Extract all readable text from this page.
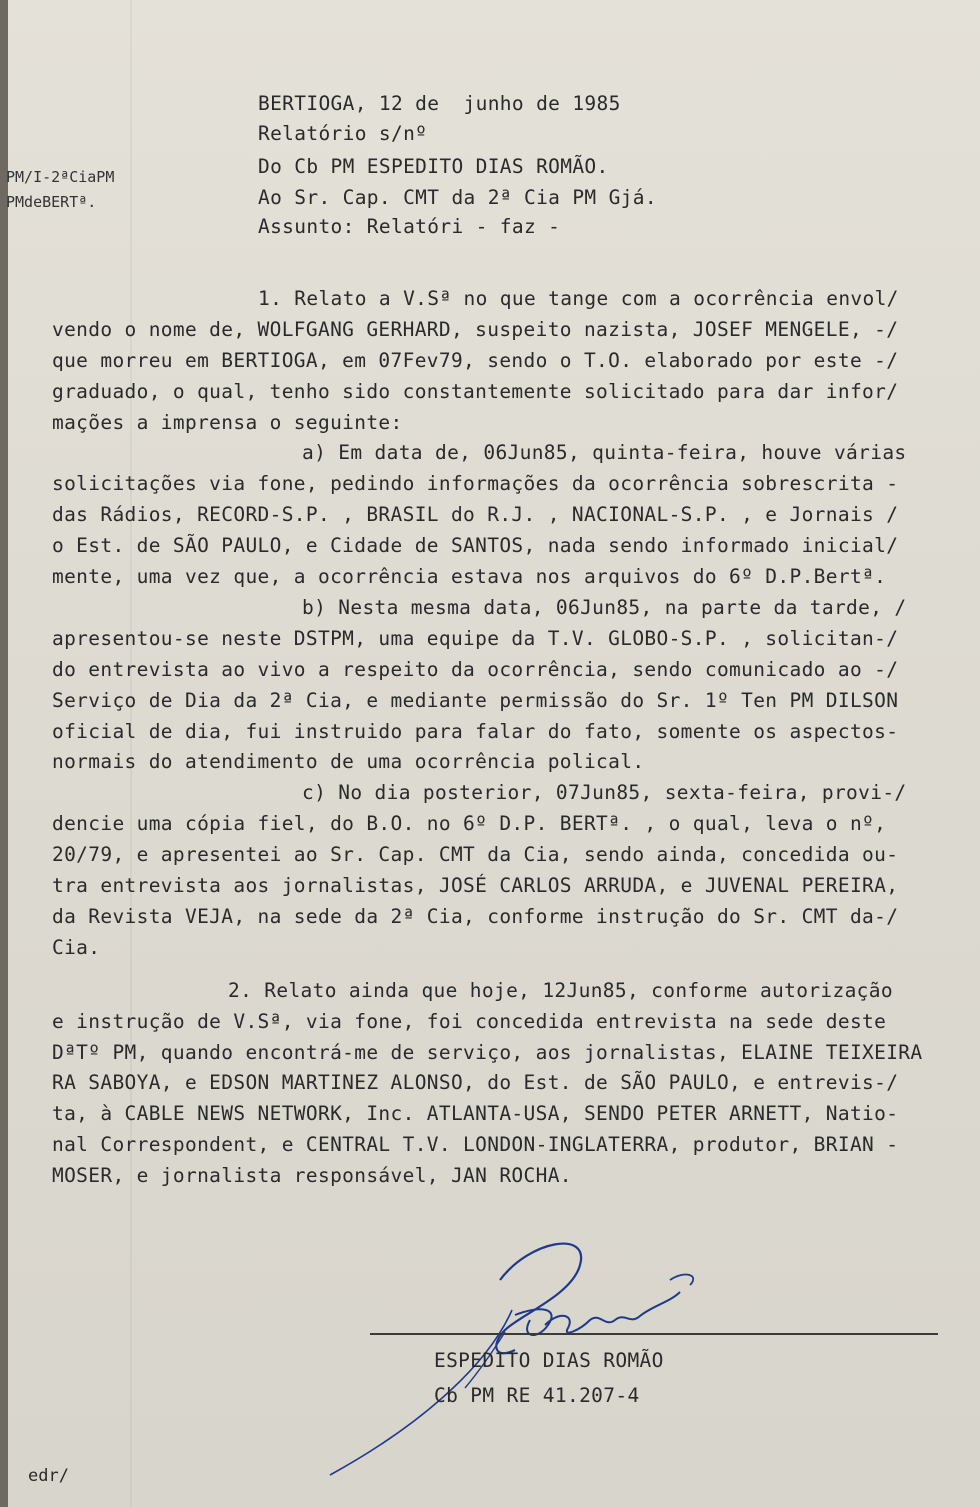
PM/I-2ªCiaPM
PMdeBERTª.
BERTIOGA, 12 de  junho de 1985
Relatório s/nº
Do Cb PM ESPEDITO DIAS ROMÃO.
Ao Sr. Cap. CMT da 2ª Cia PM Gjá.
Assunto: Relatóri - faz -
1. Relato a V.Sª no que tange com a ocorrência envol/
vendo o nome de, WOLFGANG GERHARD, suspeito nazista, JOSEF MENGELE, -/
que morreu em BERTIOGA, em 07Fev79, sendo o T.O. elaborado por este -/
graduado, o qual, tenho sido constantemente solicitado para dar infor/
mações a imprensa o seguinte:
a) Em data de, 06Jun85, quinta-feira, houve várias
solicitações via fone, pedindo informações da ocorrência sobrescrita -
das Rádios, RECORD-S.P. , BRASIL do R.J. , NACIONAL-S.P. , e Jornais /
o Est. de SÃO PAULO, e Cidade de SANTOS, nada sendo informado inicial/
mente, uma vez que, a ocorrência estava nos arquivos do 6º D.P.Bertª.
b) Nesta mesma data, 06Jun85, na parte da tarde, /
apresentou-se neste DSTPM, uma equipe da T.V. GLOBO-S.P. , solicitan-/
do entrevista ao vivo a respeito da ocorrência, sendo comunicado ao -/
Serviço de Dia da 2ª Cia, e mediante permissão do Sr. 1º Ten PM DILSON
oficial de dia, fui instruido para falar do fato, somente os aspectos-
normais do atendimento de uma ocorrência polical.
c) No dia posterior, 07Jun85, sexta-feira, provi-/
dencie uma cópia fiel, do B.O. no 6º D.P. BERTª. , o qual, leva o nº,
20/79, e apresentei ao Sr. Cap. CMT da Cia, sendo ainda, concedida ou-
tra entrevista aos jornalistas, JOSÉ CARLOS ARRUDA, e JUVENAL PEREIRA,
da Revista VEJA, na sede da 2ª Cia, conforme instrução do Sr. CMT da-/
Cia.
2. Relato ainda que hoje, 12Jun85, conforme autorização
e instrução de V.Sª, via fone, foi concedida entrevista na sede deste
DªTº PM, quando encontrá-me de serviço, aos jornalistas, ELAINE TEIXEIRA
RA SABOYA, e EDSON MARTINEZ ALONSO, do Est. de SÃO PAULO, e entrevis-/
ta, à CABLE NEWS NETWORK, Inc. ATLANTA-USA, SENDO PETER ARNETT, Natio-
nal Correspondent, e CENTRAL T.V. LONDON-INGLATERRA, produtor, BRIAN -
MOSER, e jornalista responsável, JAN ROCHA.
ESPEDITO DIAS ROMÃO
Cb PM RE 41.207-4
edr/
